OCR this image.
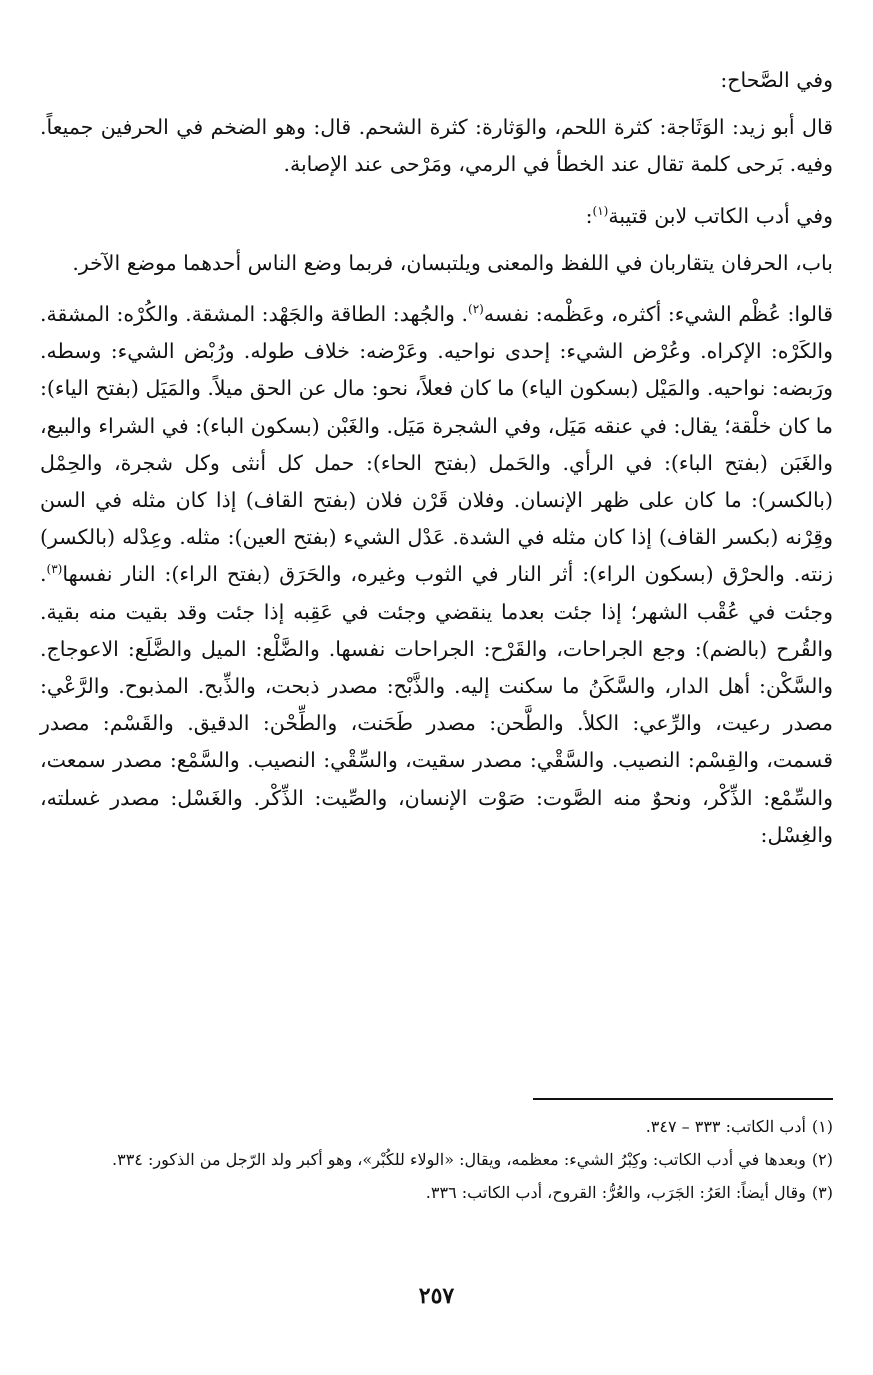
وفي الصَّحاح:

قال أبو زيد: الوَثَاجة: كثرة اللحم، والوَثارة: كثرة الشحم. قال: وهو الضخم في الحرفين جميعاً. وفيه. بَرحى كلمة تقال عند الخطأ في الرمي، ومَرْحى عند الإصابة.

وفي أدب الكاتب لابن قتيبة$^{(١)}$:

باب، الحرفان يتقاربان في اللفظ والمعنى ويلتبسان، فربما وضع الناس أحدهما موضع الآخر.

قالوا: عُظْم الشيء: أكثره، وعَظْمه: نفسه$^{(٢)}$. والجُهد: الطاقة والجَهْد: المشقة. والكُرْه: المشقة. والكَرْه: الإكراه. وعُرْض الشيء: إحدى نواحيه. وعَرْضه: خلاف طوله. ورُبْض الشيء: وسطه. ورَبضه: نواحيه. والمَيْل (بسكون الياء) ما كان فعلاً، نحو: مال عن الحق ميلاً. والمَيَل (بفتح الياء): ما كان خلْقة؛ يقال: في عنقه مَيَل، وفي الشجرة مَيَل. والغَبْن (بسكون الباء): في الشراء والبيع، والغَبَن (بفتح الباء): في الرأي. والحَمل (بفتح الحاء): حمل كل أنثى وكل شجرة، والحِمْل (بالكسر): ما كان على ظهر الإنسان. وفلان قَرْن فلان (بفتح القاف) إذا كان مثله في السن وقِرْنه (بكسر القاف) إذا كان مثله في الشدة. عَدْل الشيء (بفتح العين): مثله. وعِدْله (بالكسر) زنته. والحرْق (بسكون الراء): أثر النار في الثوب وغيره، والحَرَق (بفتح الراء): النار نفسها$^{(٣)}$. وجئت في عُقْب الشهر؛ إذا جئت بعدما ينقضي وجئت في عَقِبه إذا جئت وقد بقيت منه بقية. والقُرح (بالضم): وجع الجراحات، والقَرْح: الجراحات نفسها. والضَّلْع: الميل والضَّلَع: الاعوجاج. والسَّكْن: أهل الدار، والسَّكَنُ ما سكنت إليه. والذَّبْح: مصدر ذبحت، والذِّبح. المذبوح. والرَّعْي: مصدر رعيت، والرِّعي: الكلأ. والطَّحن: مصدر طَحَنت، والطِّحْن: الدقيق. والقَسْم: مصدر قسمت، والقِسْم: النصيب. والسَّقْي: مصدر سقيت، والسِّقْي: النصيب. والسَّمْع: مصدر سمعت، والسِّمْع: الذِّكْر، ونحوٌ منه الصَّوت: صَوْت الإنسان، والصِّيت: الذِّكْر. والغَسْل: مصدر غسلته، والغِسْل:

(١)أدب الكاتب: ٣٣٣ – ٣٤٧.

(٢)وبعدها في أدب الكاتب: وكِبْرُ الشيء: معظمه، ويقال: «الولاء للكُبْر»، وهو أكبر ولد الرّجل من الذكور: ٣٣٤.

(٣)وقال أيضاً: العَرُ: الجَرَب، والعُرُّ: القروح، أدب الكاتب: ٣٣٦.

٢٥٧
